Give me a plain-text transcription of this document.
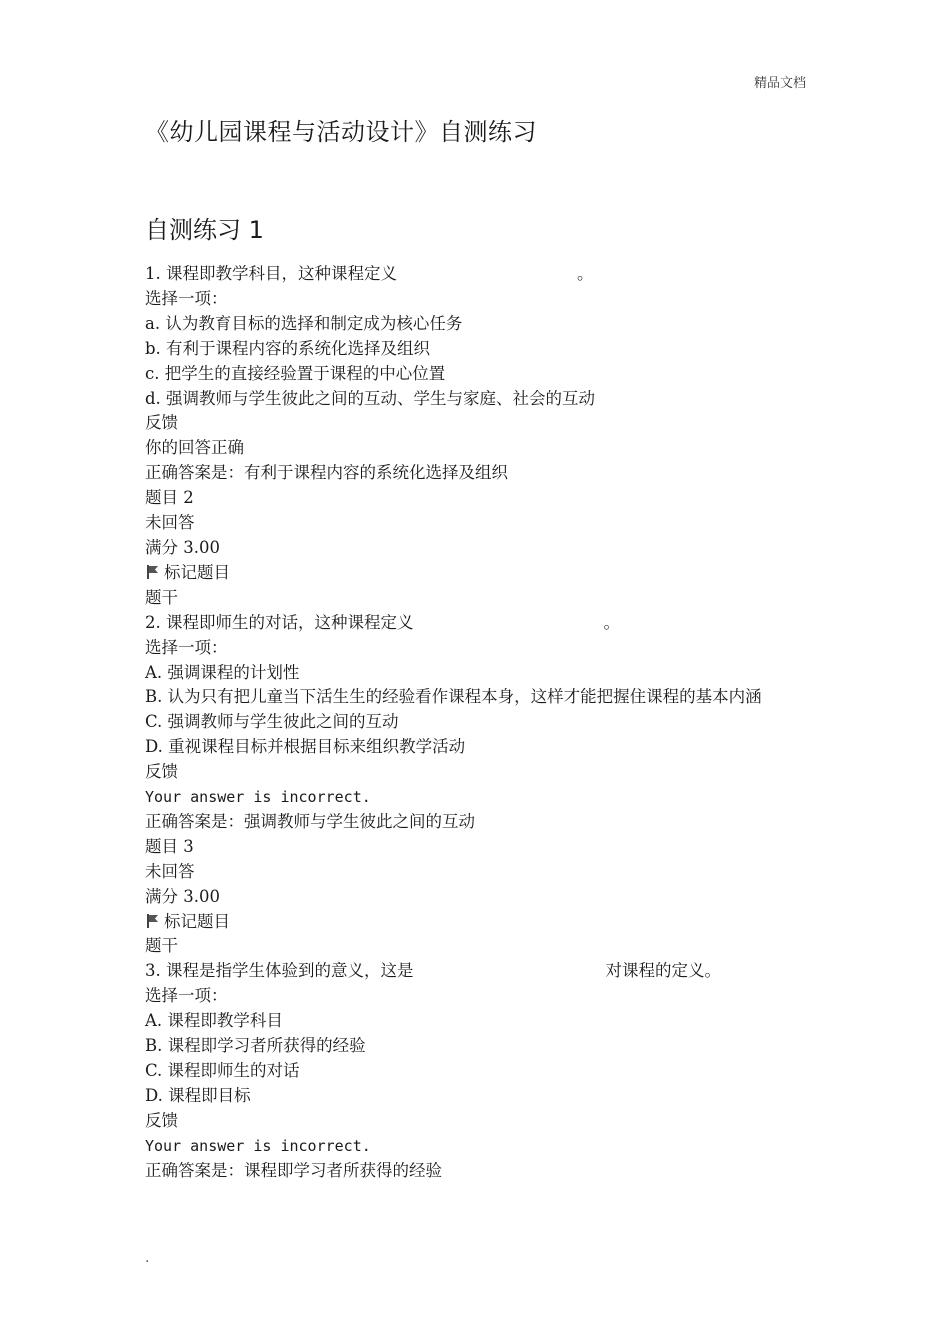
精品文档
《幼儿园课程与活动设计》自测练习
自测练习 1
1. 课程即教学科目，这种课程定义	。
选择一项：
a. 认为教育目标的选择和制定成为核心任务
b. 有利于课程内容的系统化选择及组织
c. 把学生的直接经验置于课程的中心位置
d. 强调教师与学生彼此之间的互动、学生与家庭、社会的互动
反馈
你的回答正确
正确答案是：有利于课程内容的系统化选择及组织
题目 2
未回答
满分 3.00
标记题目
题干
2. 课程即师生的对话，这种课程定义	。
选择一项：
A. 强调课程的计划性
B. 认为只有把儿童当下活生生的经验看作课程本身，这样才能把握住课程的基本内涵
C. 强调教师与学生彼此之间的互动
D. 重视课程目标并根据目标来组织教学活动
反馈
Your answer is incorrect.
正确答案是：强调教师与学生彼此之间的互动
题目 3
未回答
满分 3.00
标记题目
题干
3. 课程是指学生体验到的意义，这是	对课程的定义。
选择一项：
A. 课程即教学科目
B. 课程即学习者所获得的经验
C. 课程即师生的对话
D. 课程即目标
反馈
Your answer is incorrect.
正确答案是：课程即学习者所获得的经验
.
